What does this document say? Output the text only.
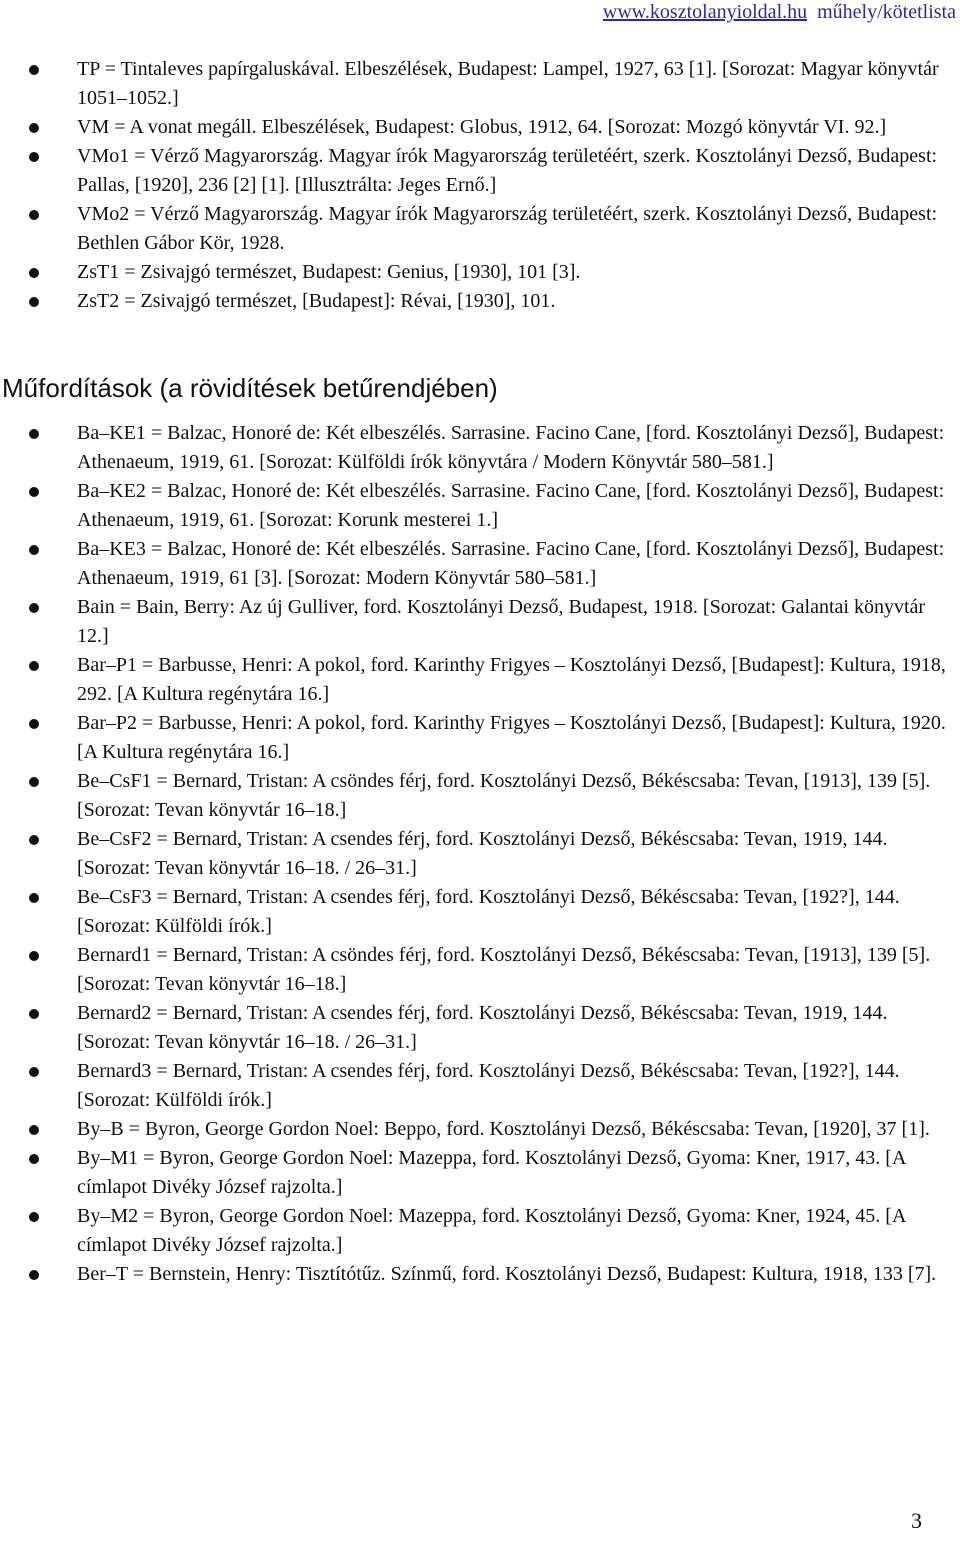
www.kosztolanyioldal.hu műhely/kötetlista
TP = Tintaleves papírgaluskával. Elbeszélések, Budapest: Lampel, 1927, 63 [1]. [Sorozat: Magyar könyvtár 1051–1052.]
VM = A vonat megáll. Elbeszélések, Budapest: Globus, 1912, 64. [Sorozat: Mozgó könyvtár VI. 92.]
VMo1 = Vérző Magyarország. Magyar írók Magyarország területéért, szerk. Kosztolányi Dezső, Budapest: Pallas, [1920], 236 [2] [1]. [Illusztrálta: Jeges Ernő.]
VMo2 = Vérző Magyarország. Magyar írók Magyarország területéért, szerk. Kosztolányi Dezső, Budapest: Bethlen Gábor Kör, 1928.
ZsT1 = Zsivajgó természet, Budapest: Genius, [1930], 101 [3].
ZsT2 = Zsivajgó természet, [Budapest]: Révai, [1930], 101.
Műfordítások (a rövidítések betűrendjében)
Ba–KE1 = Balzac, Honoré de: Két elbeszélés. Sarrasine. Facino Cane, [ford. Kosztolányi Dezső], Budapest: Athenaeum, 1919, 61. [Sorozat: Külföldi írók könyvtára / Modern Könyvtár 580–581.]
Ba–KE2 = Balzac, Honoré de: Két elbeszélés. Sarrasine. Facino Cane, [ford. Kosztolányi Dezső], Budapest: Athenaeum, 1919, 61. [Sorozat: Korunk mesterei 1.]
Ba–KE3 = Balzac, Honoré de: Két elbeszélés. Sarrasine. Facino Cane, [ford. Kosztolányi Dezső], Budapest: Athenaeum, 1919, 61 [3]. [Sorozat: Modern Könyvtár 580–581.]
Bain = Bain, Berry: Az új Gulliver, ford. Kosztolányi Dezső, Budapest, 1918. [Sorozat: Galantai könyvtár 12.]
Bar–P1 = Barbusse, Henri: A pokol, ford. Karinthy Frigyes – Kosztolányi Dezső, [Budapest]: Kultura, 1918, 292. [A Kultura regénytára 16.]
Bar–P2 = Barbusse, Henri: A pokol, ford. Karinthy Frigyes – Kosztolányi Dezső, [Budapest]: Kultura, 1920. [A Kultura regénytára 16.]
Be–CsF1 = Bernard, Tristan: A csöndes férj, ford. Kosztolányi Dezső, Békéscsaba: Tevan, [1913], 139 [5]. [Sorozat: Tevan könyvtár 16–18.]
Be–CsF2 = Bernard, Tristan: A csendes férj, ford. Kosztolányi Dezső, Békéscsaba: Tevan, 1919, 144. [Sorozat: Tevan könyvtár 16–18. / 26–31.]
Be–CsF3 = Bernard, Tristan: A csendes férj, ford. Kosztolányi Dezső, Békéscsaba: Tevan, [192?], 144. [Sorozat: Külföldi írók.]
Bernard1 = Bernard, Tristan: A csöndes férj, ford. Kosztolányi Dezső, Békéscsaba: Tevan, [1913], 139 [5]. [Sorozat: Tevan könyvtár 16–18.]
Bernard2 = Bernard, Tristan: A csendes férj, ford. Kosztolányi Dezső, Békéscsaba: Tevan, 1919, 144. [Sorozat: Tevan könyvtár 16–18. / 26–31.]
Bernard3 = Bernard, Tristan: A csendes férj, ford. Kosztolányi Dezső, Békéscsaba: Tevan, [192?], 144. [Sorozat: Külföldi írók.]
By–B = Byron, George Gordon Noel: Beppo, ford. Kosztolányi Dezső, Békéscsaba: Tevan, [1920], 37 [1].
By–M1 = Byron, George Gordon Noel: Mazeppa, ford. Kosztolányi Dezső, Gyoma: Kner, 1917, 43. [A címlapot Divéky József rajzolta.]
By–M2 = Byron, George Gordon Noel: Mazeppa, ford. Kosztolányi Dezső, Gyoma: Kner, 1924, 45. [A címlapot Divéky József rajzolta.]
Ber–T = Bernstein, Henry: Tisztítótűz. Színmű, ford. Kosztolányi Dezső, Budapest: Kultura, 1918, 133 [7].
3
